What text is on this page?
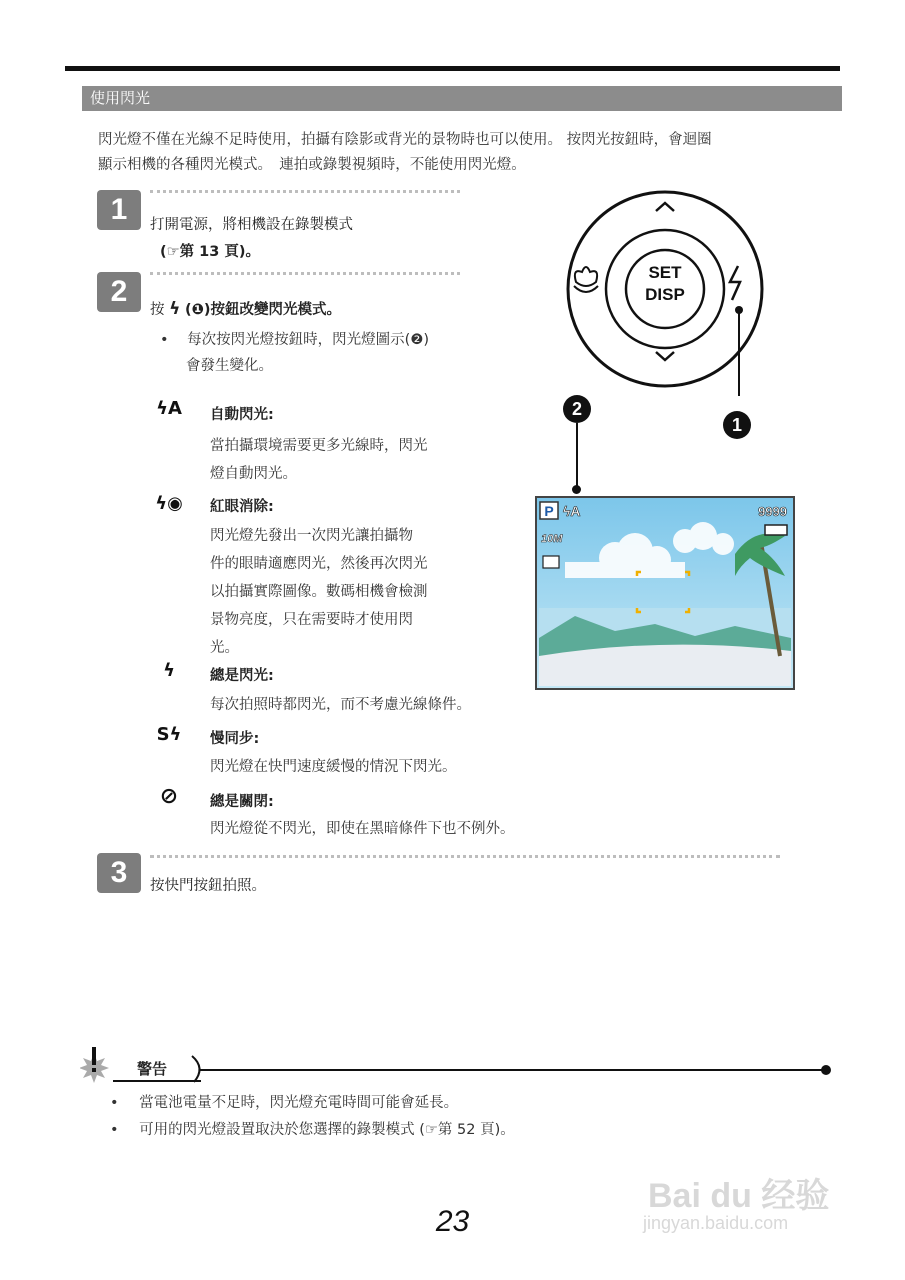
使用閃光
閃光燈不僅在光線不足時使用，拍攝有陰影或背光的景物時也可以使用。 按閃光按鈕時，會迴圈
顯示相機的各種閃光模式。　連拍或錄製視頻時，不能使用閃光燈。
1	打開電源，將相機設在錄製模式
(☞第 13 頁)。
2
按 ϟ (❶)按鈕改變閃光模式。
• 每次按閃光燈按鈕時，閃光燈圖示(❷)
會發生變化。
ϟA	自動閃光:
當拍攝環境需要更多光線時，閃光
燈自動閃光。
ϟ◉	紅眼消除:
閃光燈先發出一次閃光讓拍攝物
件的眼睛適應閃光，然後再次閃光
以拍攝實際圖像。數碼相機會檢測
景物亮度，只在需要時才使用閃
光。
ϟ	總是閃光:
每次拍照時都閃光，而不考慮光線條件。
Sϟ	慢同步:
閃光燈在快門速度緩慢的情況下閃光。
⊘	總是關閉:
閃光燈從不閃光，即使在黑暗條件下也不例外。
3	按快門按鈕拍照。
SET
DISP
1
2
P ϟA	9999
10M
警告
• 當電池電量不足時，閃光燈充電時間可能會延長。
• 可用的閃光燈設置取決於您選擇的錄製模式 (☞第 52 頁)。
Bai du 经验
jingyan.baidu.com
23
